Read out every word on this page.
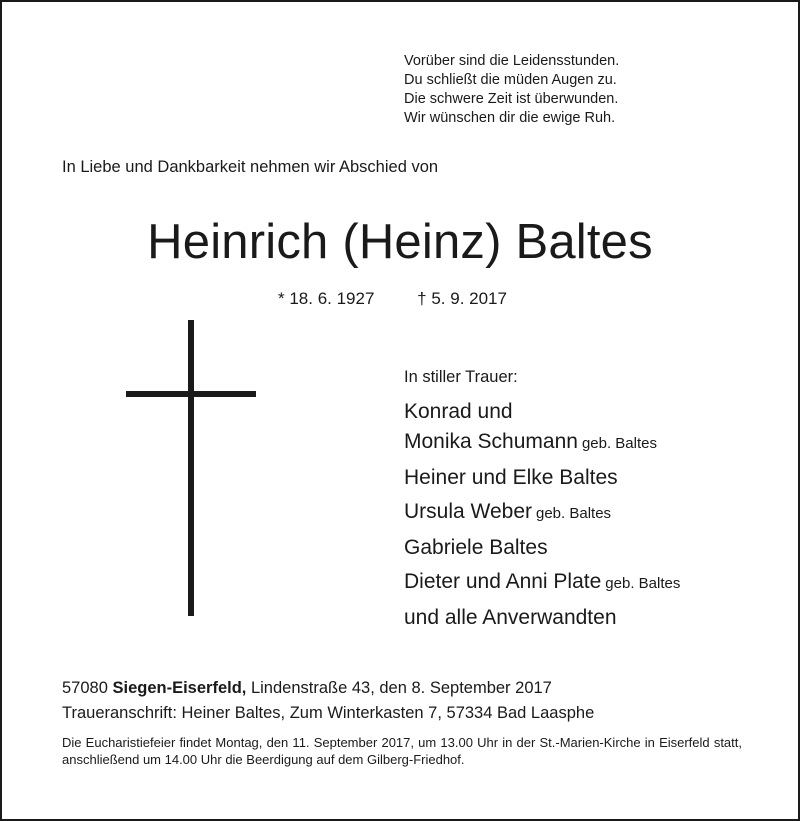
Vorüber sind die Leidensstunden.
Du schließt die müden Augen zu.
Die schwere Zeit ist überwunden.
Wir wünschen dir die ewige Ruh.
In Liebe und Dankbarkeit nehmen wir Abschied von
Heinrich (Heinz) Baltes
* 18. 6. 1927	† 5. 9. 2017
In stiller Trauer:
Konrad und
Monika Schumann geb. Baltes
Heiner und Elke Baltes
Ursula Weber geb. Baltes
Gabriele Baltes
Dieter und Anni Plate geb. Baltes
und alle Anverwandten
57080 Siegen-Eiserfeld, Lindenstraße 43, den 8. September 2017
Traueranschrift: Heiner Baltes, Zum Winterkasten 7, 57334 Bad Laasphe
Die Eucharistiefeier findet Montag, den 11. September 2017, um 13.00 Uhr in der St.-Marien-Kirche in Eiserfeld statt, anschließend um 14.00 Uhr die Beerdigung auf dem Gilberg-Friedhof.
